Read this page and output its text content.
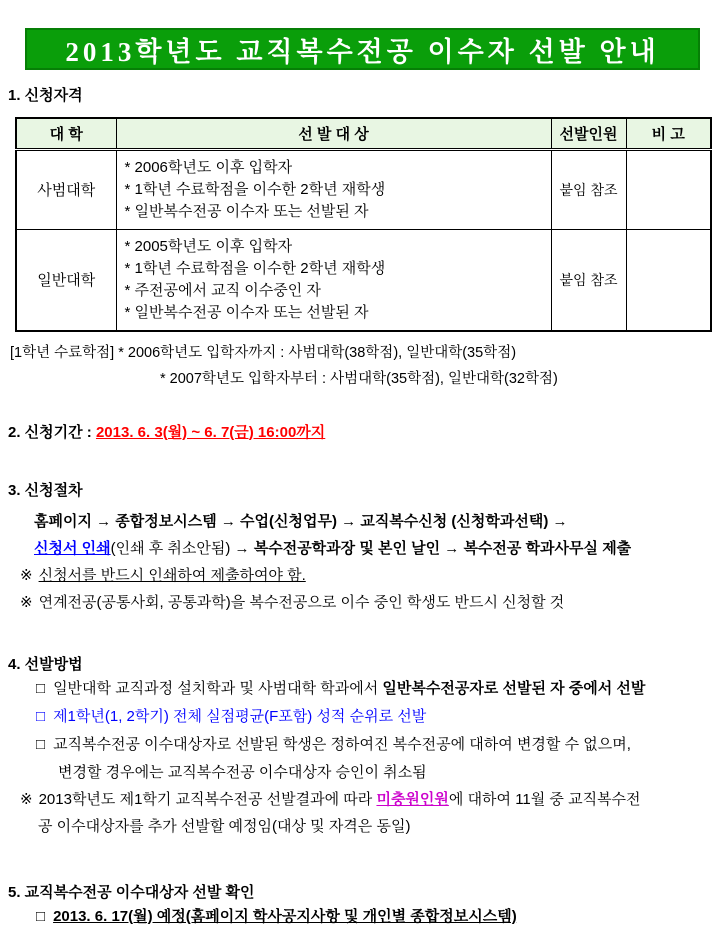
2013학년도 교직복수전공 이수자 선발 안내
1. 신청자격
대 학	선 발 대 상	선발인원	비 고
사범대학	* 2006학년도 이후 입학자
* 1학년 수료학점을 이수한 2학년 재학생
* 일반복수전공 이수자 또는 선발된 자	붙임 참조	
일반대학	* 2005학년도 이후 입학자
* 1학년 수료학점을 이수한 2학년 재학생
* 주전공에서 교직 이수중인 자
* 일반복수전공 이수자 또는 선발된 자	붙임 참조	
[1학년 수료학점] * 2006학년도 입학자까지 : 사범대학(38학점), 일반대학(35학점)
* 2007학년도 입학자부터 : 사범대학(35학점), 일반대학(32학점)
2. 신청기간 : 2013. 6. 3(월) ~ 6. 7(금) 16:00까지
3. 신청절차
홈페이지 → 종합정보시스템 → 수업(신청업무) → 교직복수신청 (신청학과선택) →
신청서 인쇄(인쇄 후 취소안됨) → 복수전공학과장 및 본인 날인 → 복수전공 학과사무실 제출
※ 신청서를 반드시 인쇄하여 제출하여야 함.
※ 연계전공(공통사회, 공통과학)을 복수전공으로 이수 중인 학생도 반드시 신청할 것
4. 선발방법
□ 일반대학 교직과정 설치학과 및 사범대학 학과에서 일반복수전공자로 선발된 자 중에서 선발
□ 제1학년(1, 2학기) 전체 실점평균(F포함) 성적 순위로 선발
□ 교직복수전공 이수대상자로 선발된 학생은 정하여진 복수전공에 대하여 변경할 수 없으며,
변경할 경우에는 교직복수전공 이수대상자 승인이 취소됨
※ 2013학년도 제1학기 교직복수전공 선발결과에 따라 미충원인원에 대하여 11월 중 교직복수전
공 이수대상자를 추가 선발할 예정임(대상 및 자격은 동일)
5. 교직복수전공 이수대상자 선발 확인
□ 2013. 6. 17(월) 예정(홈페이지 학사공지사항 및 개인별 종합정보시스템)
